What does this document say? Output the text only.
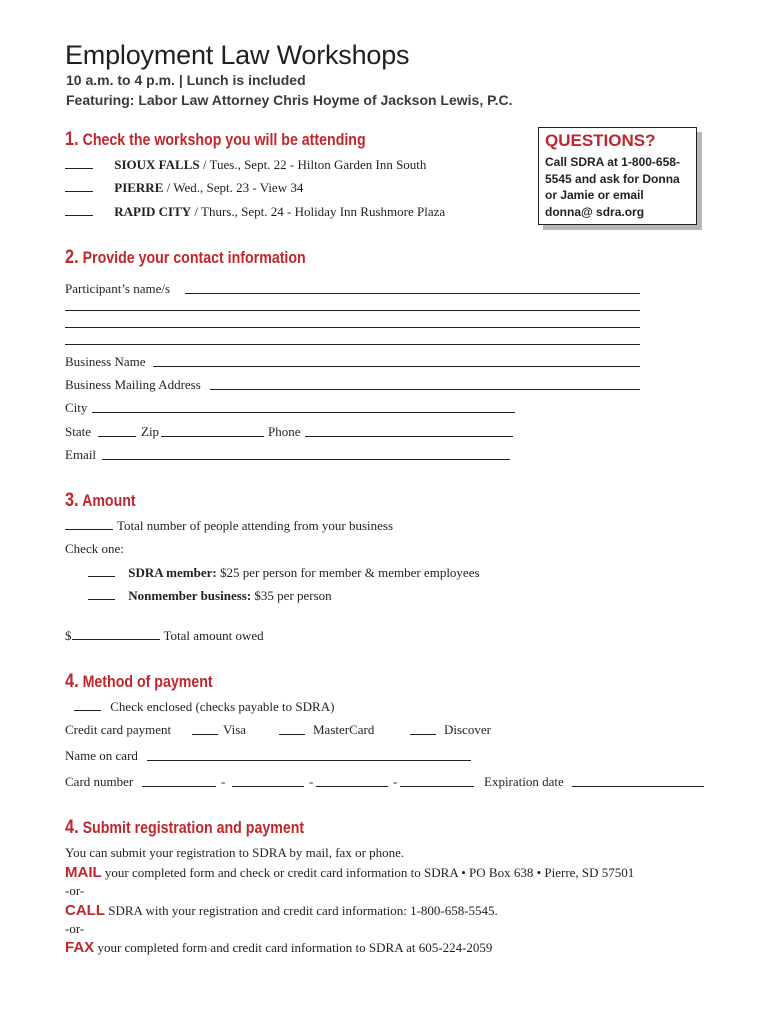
Employment Law Workshops
10 a.m. to 4 p.m. | Lunch is included
Featuring: Labor Law Attorney Chris Hoyme of Jackson Lewis, P.C.
1. Check the workshop you will be attending
SIOUX FALLS / Tues., Sept. 22 - Hilton Garden Inn South
PIERRE / Wed., Sept. 23 - View 34
RAPID CITY / Thurs., Sept. 24 - Holiday Inn Rushmore Plaza
QUESTIONS?
Call SDRA at 1-800-658-5545 and ask for Donna or Jamie or email donna@ sdra.org
2. Provide your contact information
Participant’s name/s
Business Name
Business Mailing Address
City
State	Zip	Phone
Email
3. Amount
Total number of people attending from your business
Check one:
SDRA member: $25 per person for member & member employees
Nonmember business: $35 per person
$	Total amount owed
4. Method of payment
Check enclosed (checks payable to SDRA)
Credit card payment	Visa	MasterCard	Discover
Name on card
Card number	-	-	-	Expiration date
4. Submit registration and payment
You can submit your registration to SDRA by mail, fax or phone.
MAIL your completed form and check or credit card information to SDRA • PO Box 638 • Pierre, SD 57501
-or-
CALL SDRA with your registration and credit card information: 1-800-658-5545.
-or-
FAX your completed form and credit card information to SDRA at 605-224-2059
